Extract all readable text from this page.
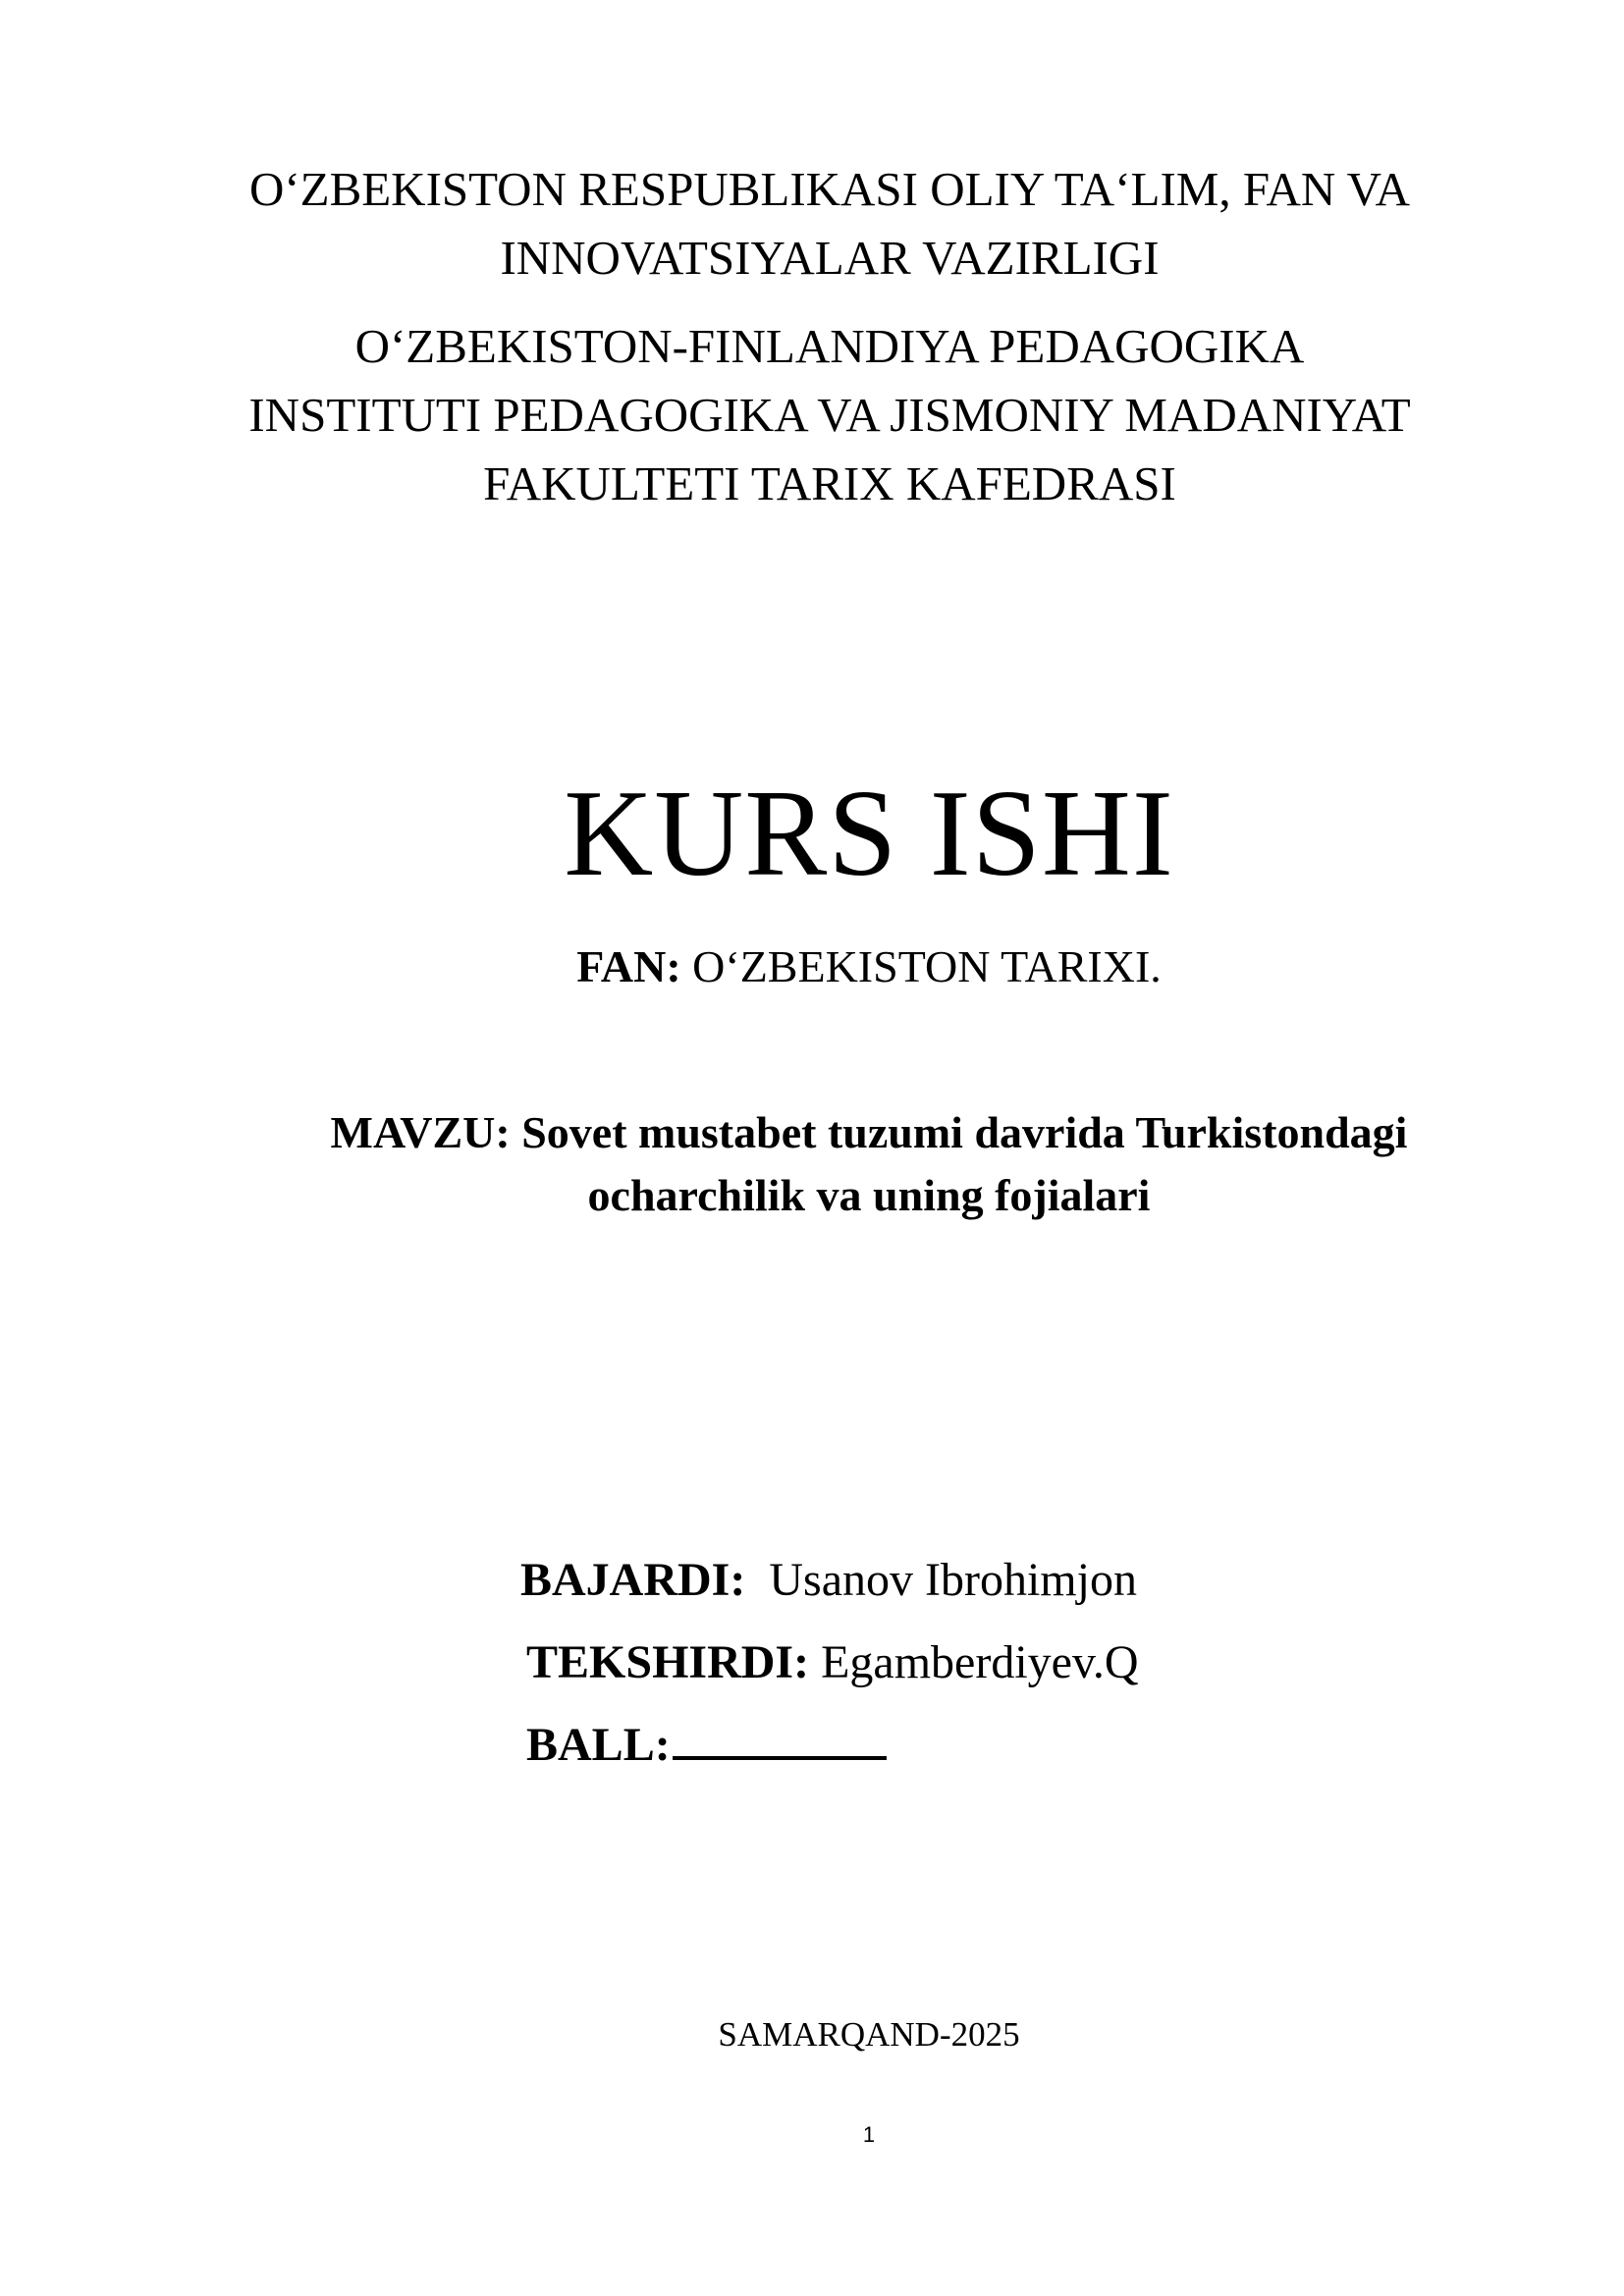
O‘ZBEKISTON RESPUBLIKASI OLIY TA‘LIM, FAN VA
INNOVATSIYALAR VAZIRLIGI
O‘ZBEKISTON-FINLANDIYA PEDAGOGIKA
INSTITUTI PEDAGOGIKA VA JISMONIY MADANIYAT
FAKULTETI TARIX KAFEDRASI
KURS ISHI
FAN: O‘ZBEKISTON TARIXI.
MAVZU: Sovet mustabet tuzumi davrida Turkistondagi
ocharchilik va uning fojialari
BAJARDI:  Usanov Ibrohimjon
TEKSHIRDI: Egamberdiyev.Q
BALL:
SAMARQAND-2025
1
